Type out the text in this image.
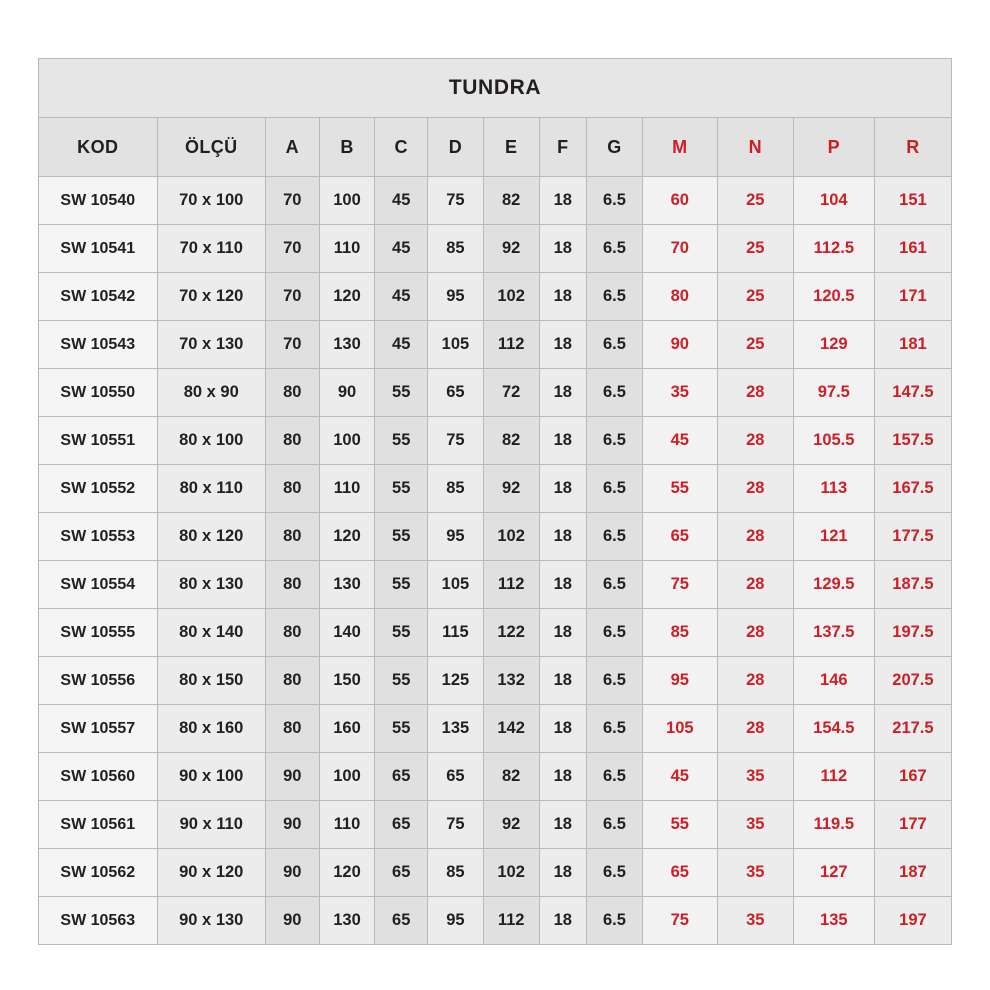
TUNDRA												
KOD	ÖLÇÜ	A	B	C	D	E	F	G	M	N	P	R
SW 10540	70 x 100	70	100	45	75	82	18	6.5	60	25	104	151
SW 10541	70 x 110	70	110	45	85	92	18	6.5	70	25	112.5	161
SW 10542	70 x 120	70	120	45	95	102	18	6.5	80	25	120.5	171
SW 10543	70 x 130	70	130	45	105	112	18	6.5	90	25	129	181
SW 10550	80 x 90	80	90	55	65	72	18	6.5	35	28	97.5	147.5
SW 10551	80 x 100	80	100	55	75	82	18	6.5	45	28	105.5	157.5
SW 10552	80 x 110	80	110	55	85	92	18	6.5	55	28	113	167.5
SW 10553	80 x 120	80	120	55	95	102	18	6.5	65	28	121	177.5
SW 10554	80 x 130	80	130	55	105	112	18	6.5	75	28	129.5	187.5
SW 10555	80 x 140	80	140	55	115	122	18	6.5	85	28	137.5	197.5
SW 10556	80 x 150	80	150	55	125	132	18	6.5	95	28	146	207.5
SW 10557	80 x 160	80	160	55	135	142	18	6.5	105	28	154.5	217.5
SW 10560	90 x 100	90	100	65	65	82	18	6.5	45	35	112	167
SW 10561	90 x 110	90	110	65	75	92	18	6.5	55	35	119.5	177
SW 10562	90 x 120	90	120	65	85	102	18	6.5	65	35	127	187
SW 10563	90 x 130	90	130	65	95	112	18	6.5	75	35	135	197
